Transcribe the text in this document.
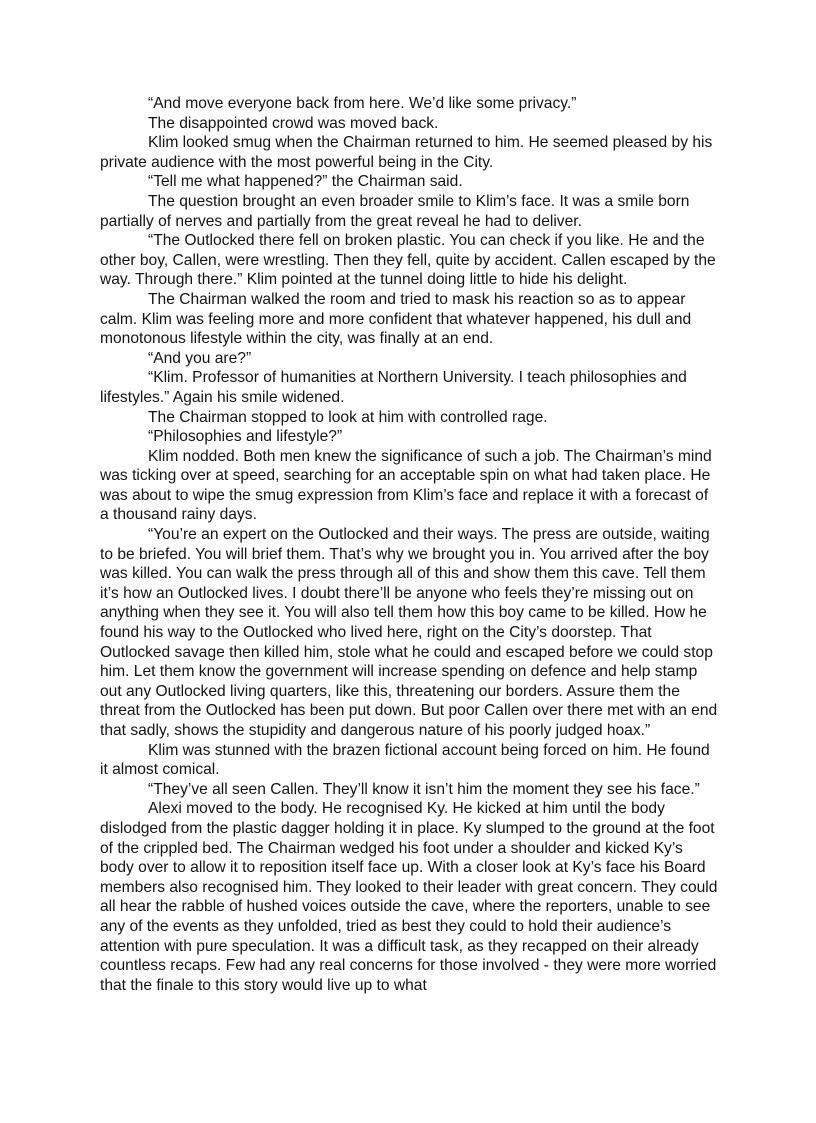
“And move everyone back from here. We’d like some privacy.”

The disappointed crowd was moved back.

Klim looked smug when the Chairman returned to him. He seemed pleased by his private audience with the most powerful being in the City.

“Tell me what happened?” the Chairman said.

The question brought an even broader smile to Klim’s face. It was a smile born partially of nerves and partially from the great reveal he had to deliver.

“The Outlocked there fell on broken plastic. You can check if you like. He and the other boy, Callen, were wrestling. Then they fell, quite by accident. Callen escaped by the way. Through there.” Klim pointed at the tunnel doing little to hide his delight.

The Chairman walked the room and tried to mask his reaction so as to appear calm. Klim was feeling more and more confident that whatever happened, his dull and monotonous lifestyle within the city, was finally at an end.

“And you are?”

“Klim. Professor of humanities at Northern University. I teach philosophies and lifestyles.” Again his smile widened.

The Chairman stopped to look at him with controlled rage.

“Philosophies and lifestyle?”

Klim nodded. Both men knew the significance of such a job. The Chairman’s mind was ticking over at speed, searching for an acceptable spin on what had taken place. He was about to wipe the smug expression from Klim’s face and replace it with a forecast of a thousand rainy days.

“You’re an expert on the Outlocked and their ways. The press are outside, waiting to be briefed. You will brief them. That’s why we brought you in. You arrived after the boy was killed. You can walk the press through all of this and show them this cave. Tell them it’s how an Outlocked lives. I doubt there’ll be anyone who feels they’re missing out on anything when they see it. You will also tell them how this boy came to be killed. How he found his way to the Outlocked who lived here, right on the City’s doorstep. That Outlocked savage then killed him, stole what he could and escaped before we could stop him. Let them know the government will increase spending on defence and help stamp out any Outlocked living quarters, like this, threatening our borders. Assure them the threat from the Outlocked has been put down. But poor Callen over there met with an end that sadly, shows the stupidity and dangerous nature of his poorly judged hoax.”

Klim was stunned with the brazen fictional account being forced on him. He found it almost comical.

“They’ve all seen Callen. They’ll know it isn’t him the moment they see his face.”

Alexi moved to the body. He recognised Ky. He kicked at him until the body dislodged from the plastic dagger holding it in place. Ky slumped to the ground at the foot of the crippled bed. The Chairman wedged his foot under a shoulder and kicked Ky’s body over to allow it to reposition itself face up. With a closer look at Ky’s face his Board members also recognised him. They looked to their leader with great concern. They could all hear the rabble of hushed voices outside the cave, where the reporters, unable to see any of the events as they unfolded, tried as best they could to hold their audience’s attention with pure speculation. It was a difficult task, as they recapped on their already countless recaps. Few had any real concerns for those involved - they were more worried that the finale to this story would live up to what
